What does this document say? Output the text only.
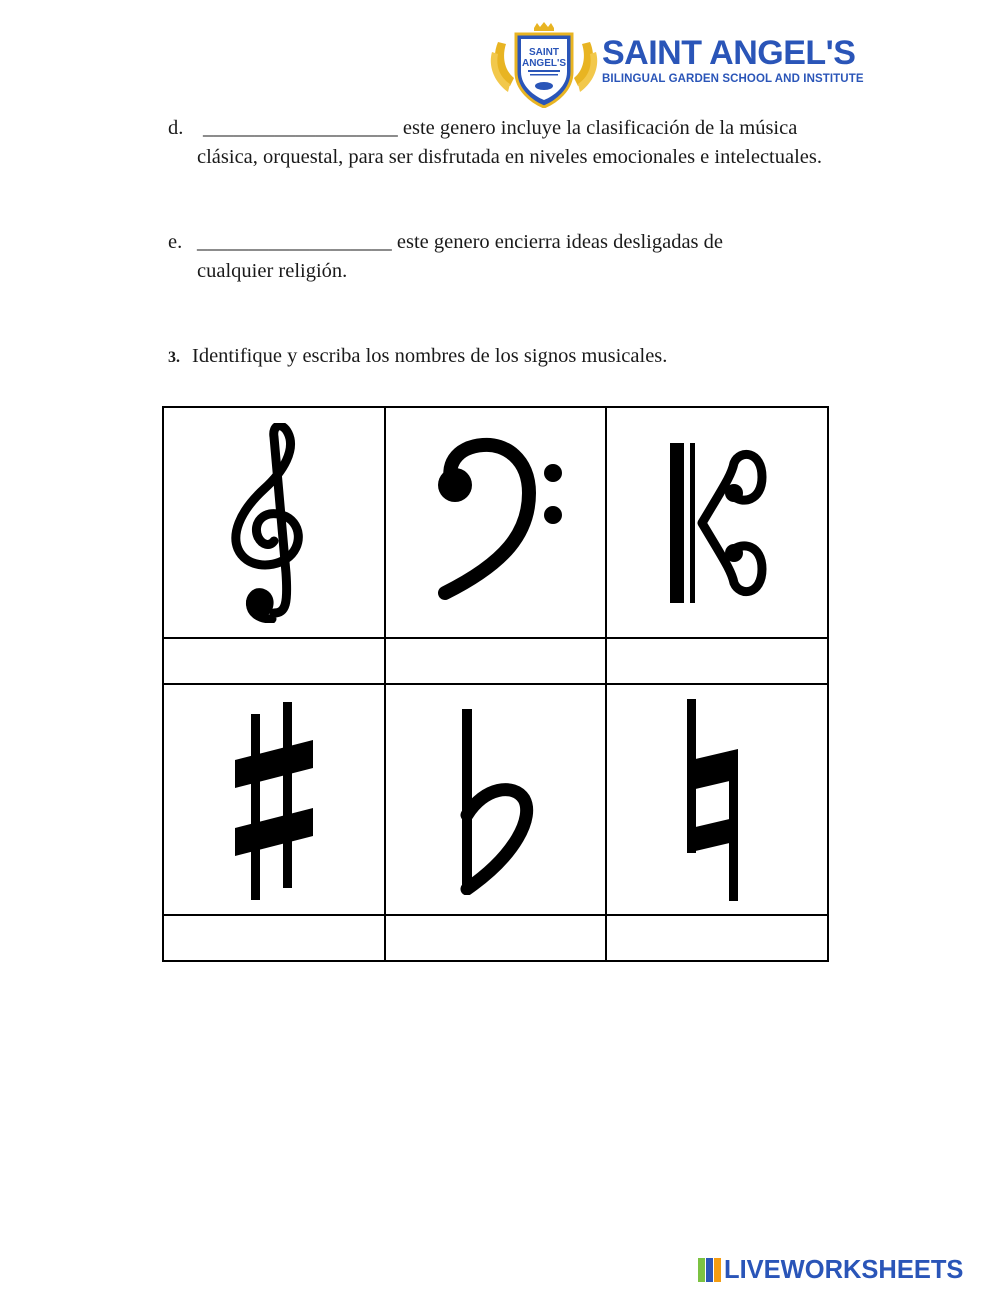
SAINT
ANGEL'S SAINT ANGEL'S
BILINGUAL GARDEN SCHOOL AND INSTITUTE
d. ___________________ este genero incluye la clasificación de la música clásica, orquestal, para ser disfrutada en niveles emocionales e intelectuales.
e. ___________________ este genero encierra ideas desligadas de cualquier religión.
3. Identifique y escriba los nombres de los signos musicales.

LIVEWORKSHEETS
